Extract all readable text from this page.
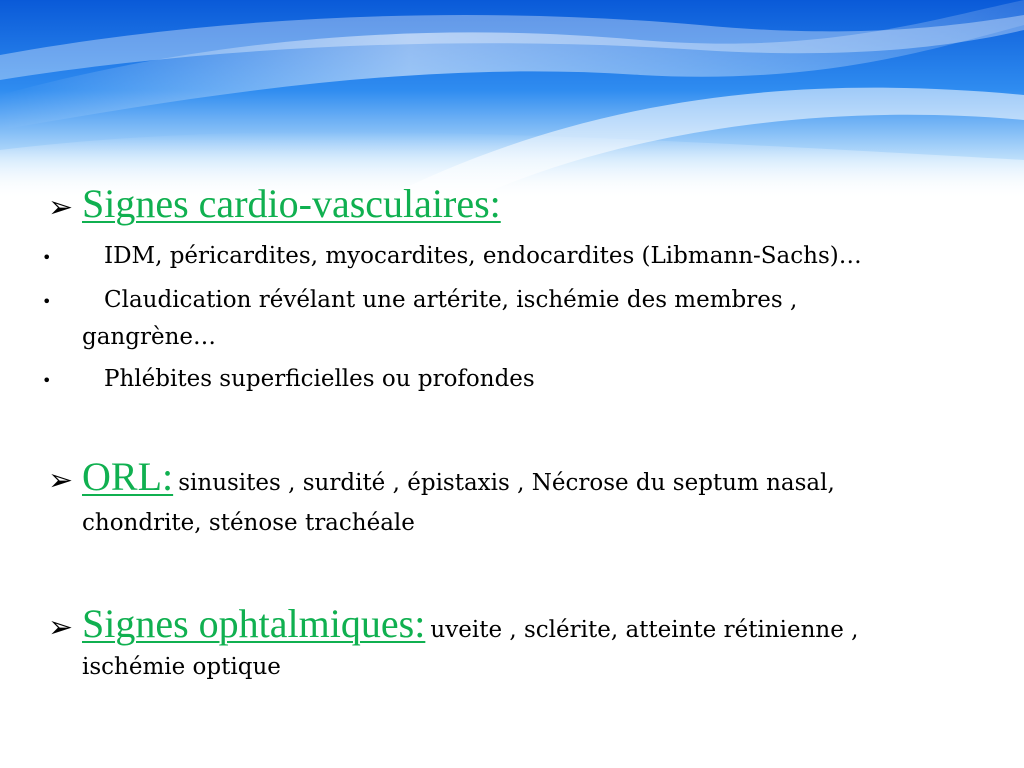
➢ Signes cardio-vasculaires:
• IDM, péricardites, myocardites, endocardites (Libmann-Sachs)…
• Claudication révélant une artérite, ischémie des membres ,
gangrène…
• Phlébites superficielles ou profondes
➢ ORL: sinusites , surdité , épistaxis , Nécrose du septum nasal,
chondrite, sténose trachéale
➢ Signes ophtalmiques: uveite , sclérite, atteinte rétinienne ,
ischémie optique
